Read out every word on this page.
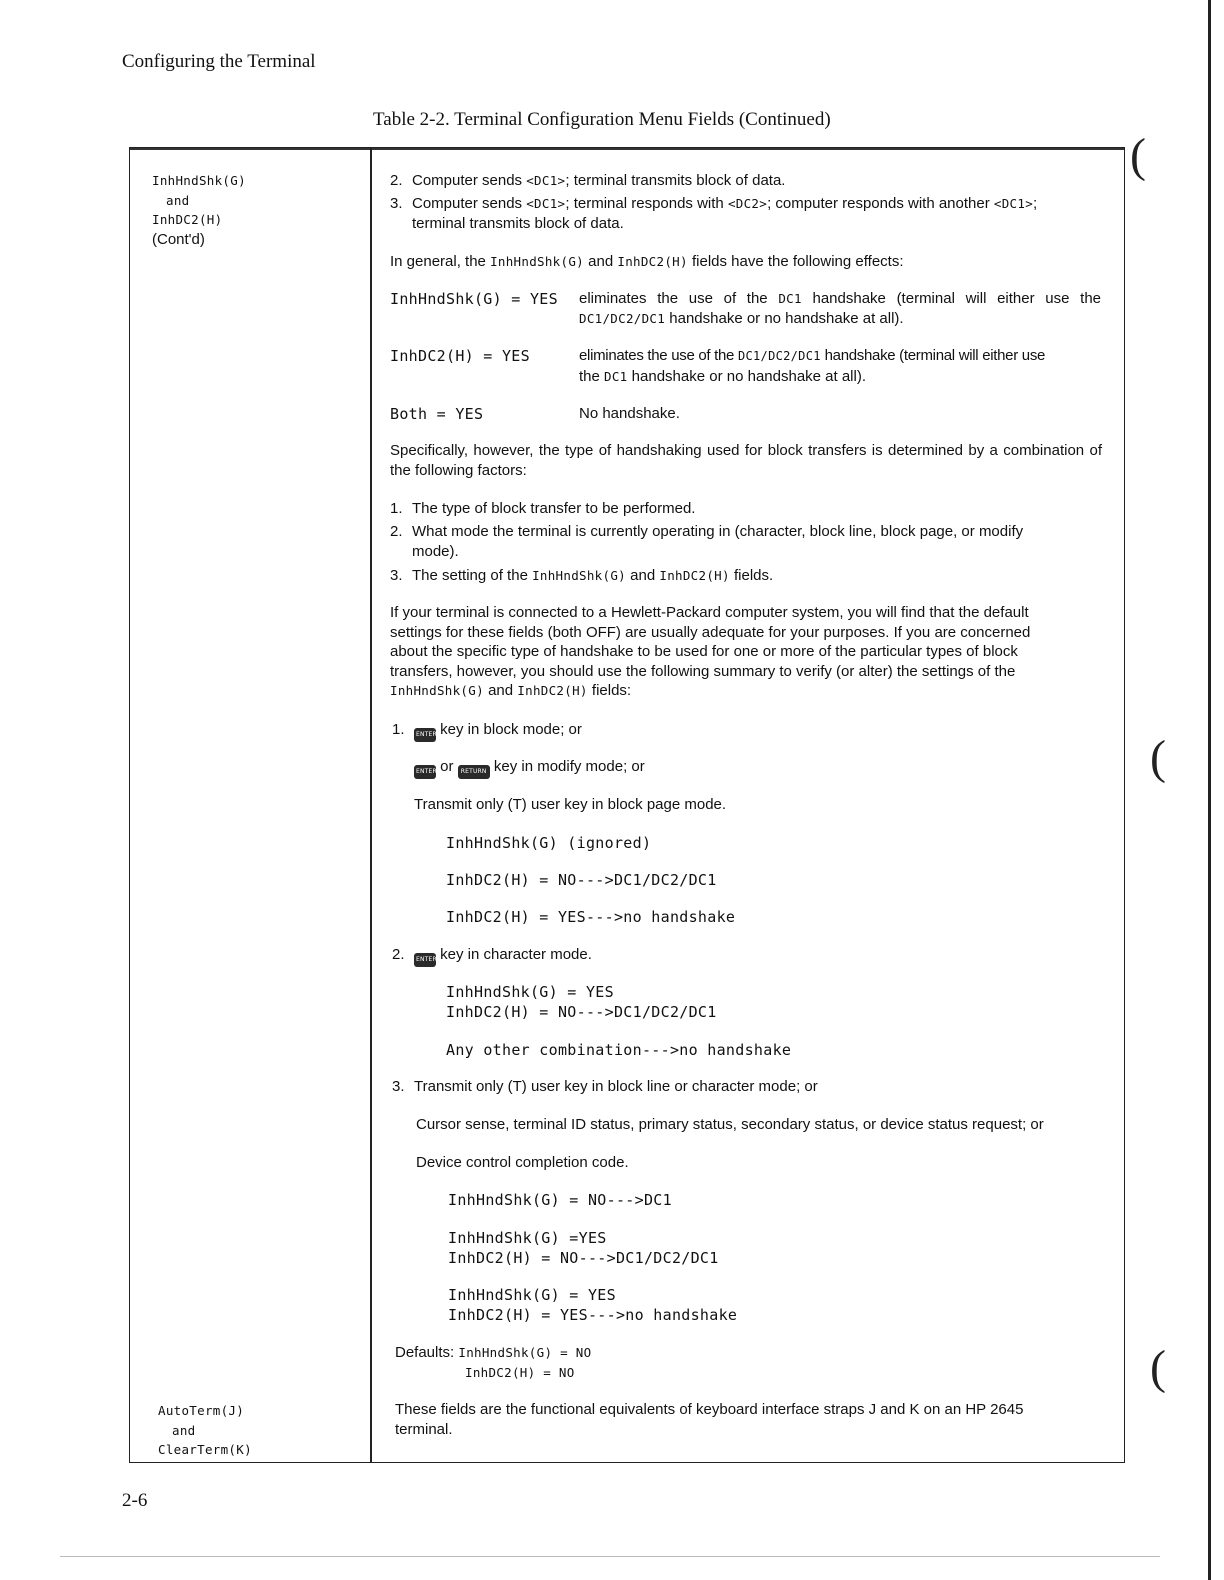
Configuring the Terminal
Table 2-2. Terminal Configuration Menu Fields (Continued)
InhHndShk(G)
and
InhDC2(H)
(Cont'd)
AutoTerm(J)
and
ClearTerm(K)
2. Computer sends <DC1>; terminal transmits block of data.
3. Computer sends <DC1>; terminal responds with <DC2>; computer responds with another <DC1>;
terminal transmits block of data.
In general, the InhHndShk(G) and InhDC2(H) fields have the following effects:
InhHndShk(G) = YES eliminates the use of the DC1 handshake (terminal will either use the
DC1/DC2/DC1 handshake or no handshake at all).
InhDC2(H) = YES	eliminates the use of the DC1/DC2/DC1 handshake (terminal will either use
the DC1 handshake or no handshake at all).
Both = YES	No handshake.
Specifically, however, the type of handshaking used for block transfers is determined by a combination of the following factors:
1. The type of block transfer to be performed.
2. What mode the terminal is currently operating in (character, block line, block page, or modify
mode).
3. The setting of the InhHndShk(G) and InhDC2(H) fields.
If your terminal is connected to a Hewlett-Packard computer system, you will find that the default
settings for these fields (both OFF) are usually adequate for your purposes. If you are concerned
about the specific type of handshake to be used for one or more of the particular types of block
transfers, however, you should use the following summary to verify (or alter) the settings of the
InhHndShk(G) and InhDC2(H) fields:
1. ENTER key in block mode; or
ENTER or RETURN key in modify mode; or
Transmit only (T) user key in block page mode.
InhHndShk(G) (ignored)
InhDC2(H) = NO--->DC1/DC2/DC1
InhDC2(H) = YES--->no handshake
2. ENTER key in character mode.
InhHndShk(G) = YES
InhDC2(H) = NO--->DC1/DC2/DC1
Any other combination--->no handshake
3. Transmit only (T) user key in block line or character mode; or
Cursor sense, terminal ID status, primary status, secondary status, or device status request; or
Device control completion code.
InhHndShk(G) = NO--->DC1
InhHndShk(G) =YES
InhDC2(H) = NO--->DC1/DC2/DC1
InhHndShk(G) = YES
InhDC2(H) = YES--->no handshake
Defaults: InhHndShk(G) = NO
InhDC2(H) = NO
These fields are the functional equivalents of keyboard interface straps J and K on an HP 2645
terminal.
2-6
(
(
(
